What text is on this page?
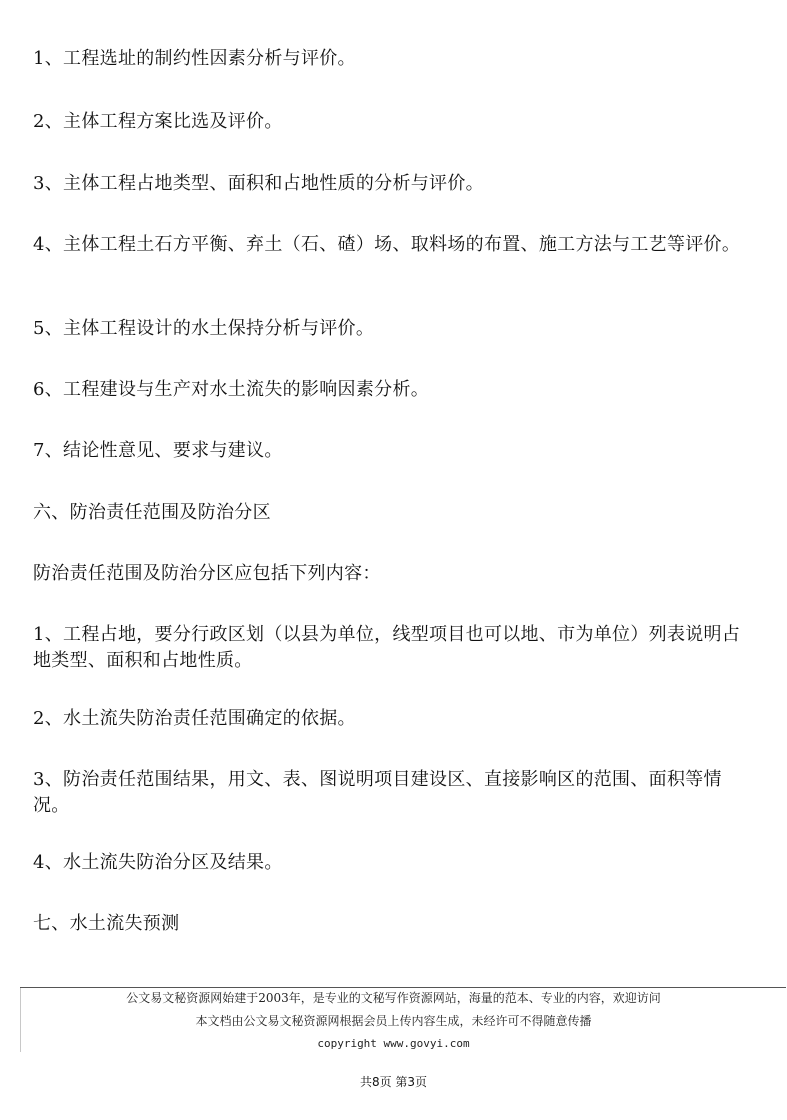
1、工程选址的制约性因素分析与评价。

2、主体工程方案比选及评价。

3、主体工程占地类型、面积和占地性质的分析与评价。

4、主体工程土石方平衡、弃土（石、碴）场、取料场的布置、施工方法与工艺等评价。

5、主体工程设计的水土保持分析与评价。

6、工程建设与生产对水土流失的影响因素分析。

7、结论性意见、要求与建议。

六、防治责任范围及防治分区

防治责任范围及防治分区应包括下列内容：

1、工程占地，要分行政区划（以县为单位，线型项目也可以地、市为单位）列表说明占地类型、面积和占地性质。

2、水土流失防治责任范围确定的依据。

3、防治责任范围结果，用文、表、图说明项目建设区、直接影响区的范围、面积等情况。

4、水土流失防治分区及结果。

七、水土流失预测

公文易文秘资源网始建于2003年，是专业的文秘写作资源网站，海量的范本、专业的内容，欢迎访问

本文档由公文易文秘资源网根据会员上传内容生成，未经许可不得随意传播

copyright www.govyi.com

共8页 第3页
